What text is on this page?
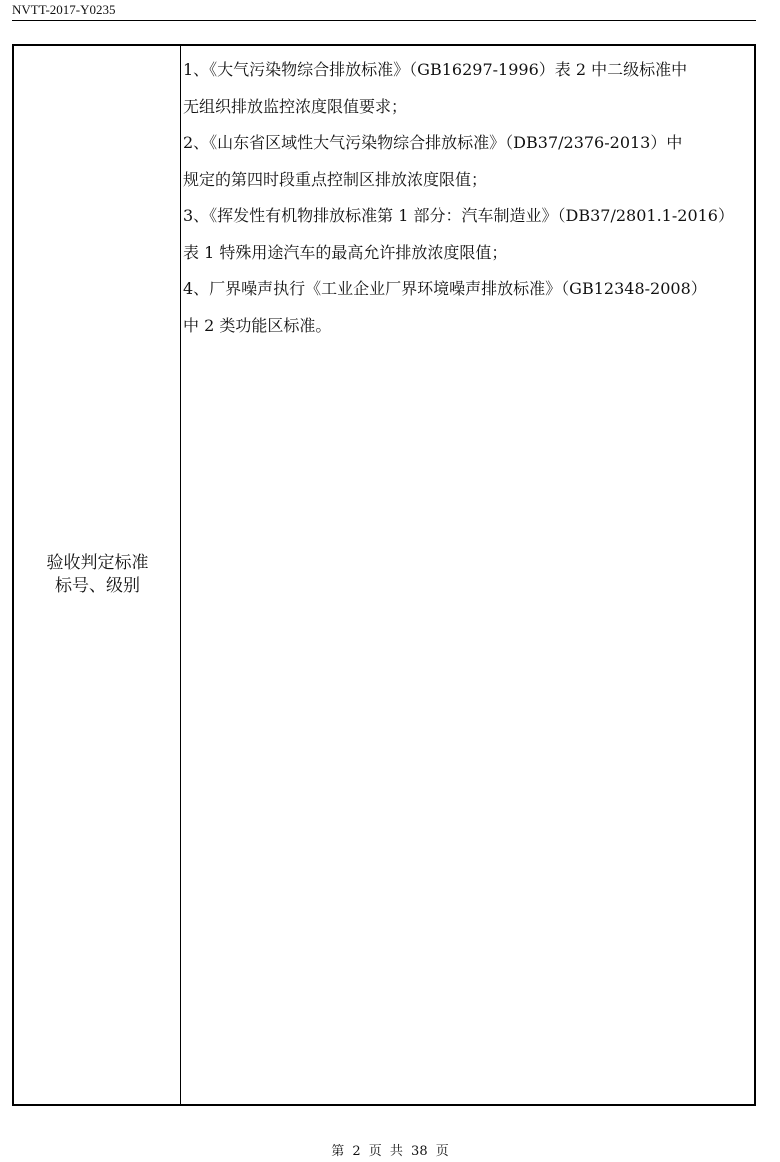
NVTT-2017-Y0235
验收判定标准
标号、级别
1、《大气污染物综合排放标准》（GB16297-1996）表 2 中二级标准中
无组织排放监控浓度限值要求；
2、《山东省区域性大气污染物综合排放标准》（DB37/2376-2013）中
规定的第四时段重点控制区排放浓度限值；
3、《挥发性有机物排放标准第 1 部分：汽车制造业》（DB37/2801.1-2016）
表 1 特殊用途汽车的最高允许排放浓度限值；
4、厂界噪声执行《工业企业厂界环境噪声排放标准》（GB12348-2008）
中 2 类功能区标准。
第 2 页 共 38 页
